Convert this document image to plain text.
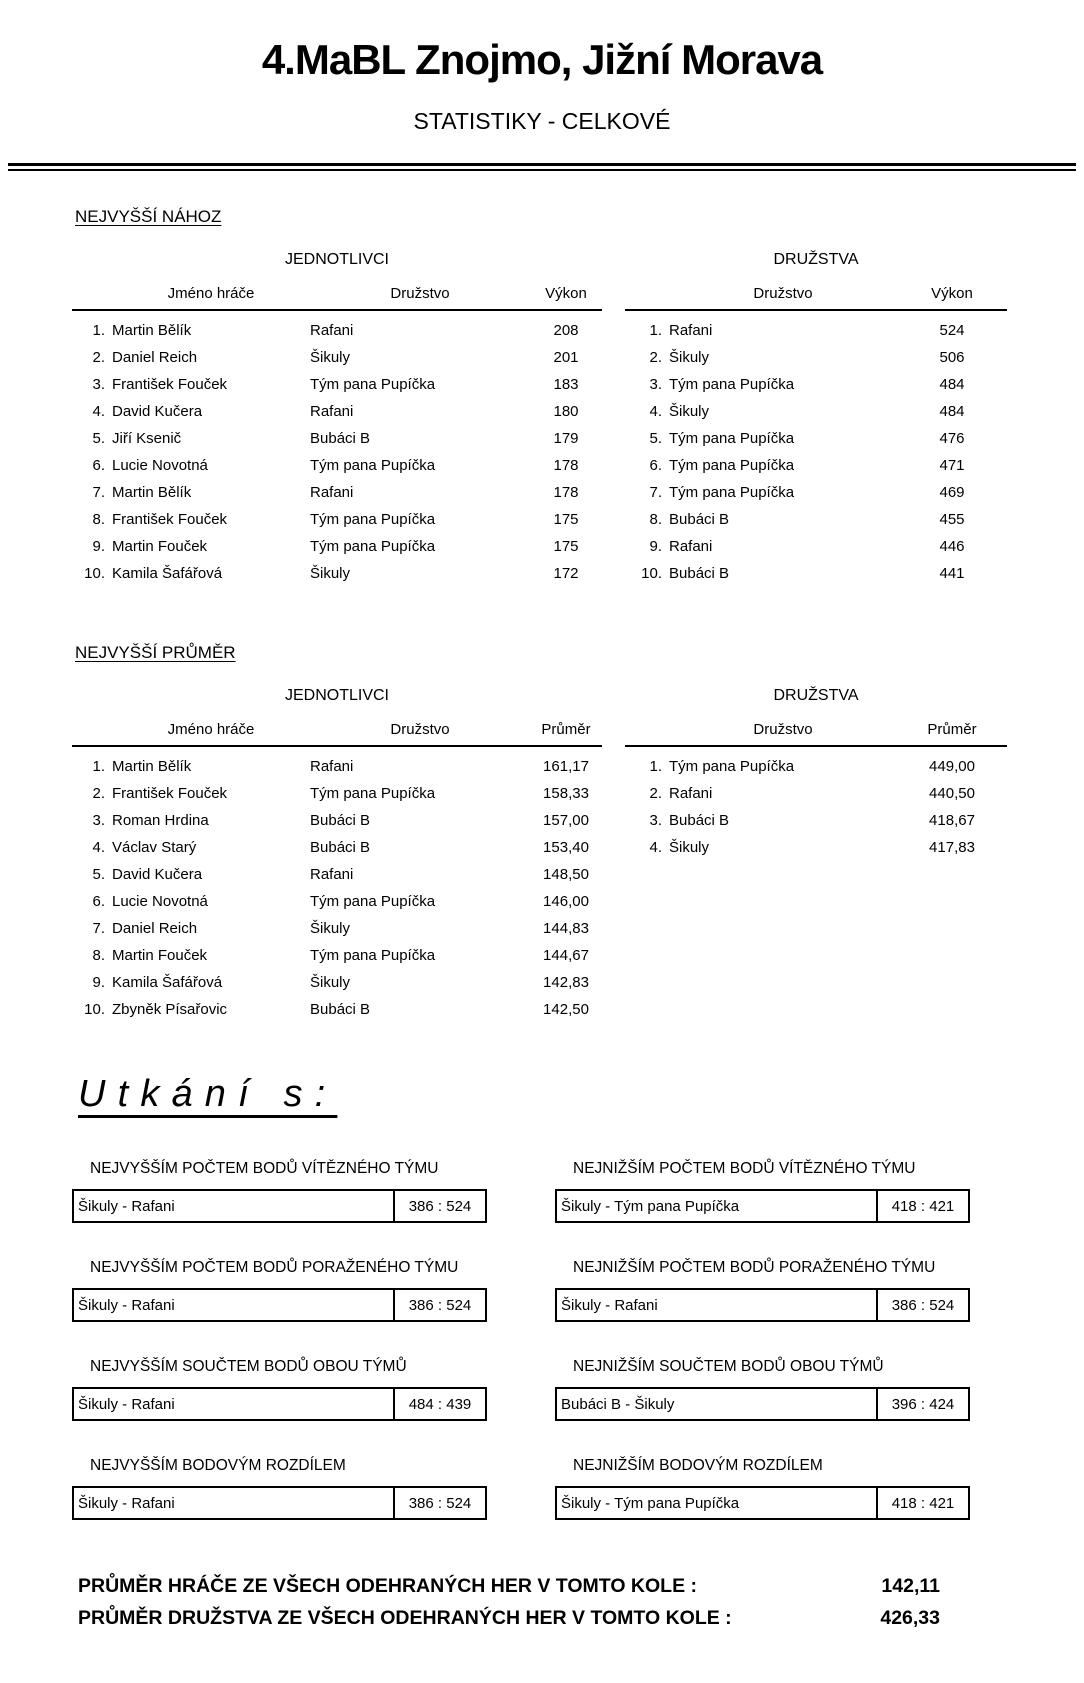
4.MaBL Znojmo, Jižní Morava
STATISTIKY - CELKOVÉ
NEJVYŠŠÍ NÁHOZ
JEDNOTLIVCI
Jméno hráče	Družstvo	Výkon
1. Martin Bělík	Rafani	208
2. Daniel Reich	Šikuly	201
3. František Fouček	Tým pana Pupíčka	183
4. David Kučera	Rafani	180
5. Jiří Ksenič	Bubáci B	179
6. Lucie Novotná	Tým pana Pupíčka	178
7. Martin Bělík	Rafani	178
8. František Fouček	Tým pana Pupíčka	175
9. Martin Fouček	Tým pana Pupíčka	175
10. Kamila Šafářová	Šikuly	172
DRUŽSTVA
Družstvo	Výkon
1. Rafani	524
2. Šikuly	506
3. Tým pana Pupíčka	484
4. Šikuly	484
5. Tým pana Pupíčka	476
6. Tým pana Pupíčka	471
7. Tým pana Pupíčka	469
8. Bubáci B	455
9. Rafani	446
10. Bubáci B	441
NEJVYŠŠÍ PRŮMĚR
JEDNOTLIVCI
Jméno hráče	Družstvo	Průměr
1. Martin Bělík	Rafani	161,17
2. František Fouček	Tým pana Pupíčka	158,33
3. Roman Hrdina	Bubáci B	157,00
4. Václav Starý	Bubáci B	153,40
5. David Kučera	Rafani	148,50
6. Lucie Novotná	Tým pana Pupíčka	146,00
7. Daniel Reich	Šikuly	144,83
8. Martin Fouček	Tým pana Pupíčka	144,67
9. Kamila Šafářová	Šikuly	142,83
10. Zbyněk Písařovic	Bubáci B	142,50
DRUŽSTVA
Družstvo	Průměr
1. Tým pana Pupíčka	449,00
2. Rafani	440,50
3. Bubáci B	418,67
4. Šikuly	417,83
Utkání s:
NEJVYŠŠÍM POČTEM BODŮ VÍTĚZNÉHO TÝMU
Šikuly - Rafani	386 : 524
NEJNIŽŠÍM POČTEM BODŮ VÍTĚZNÉHO TÝMU
Šikuly - Tým pana Pupíčka	418 : 421
NEJVYŠŠÍM POČTEM BODŮ PORAŽENÉHO TÝMU
Šikuly - Rafani	386 : 524
NEJNIŽŠÍM POČTEM BODŮ PORAŽENÉHO TÝMU
Šikuly - Rafani	386 : 524
NEJVYŠŠÍM SOUČTEM BODŮ OBOU TÝMŮ
Šikuly - Rafani	484 : 439
NEJNIŽŠÍM SOUČTEM BODŮ OBOU TÝMŮ
Bubáci B - Šikuly	396 : 424
NEJVYŠŠÍM BODOVÝM ROZDÍLEM
Šikuly - Rafani	386 : 524
NEJNIŽŠÍM BODOVÝM ROZDÍLEM
Šikuly - Tým pana Pupíčka	418 : 421
PRŮMĚR HRÁČE ZE VŠECH ODEHRANÝCH HER V TOMTO KOLE :	142,11
PRŮMĚR DRUŽSTVA ZE VŠECH ODEHRANÝCH HER V TOMTO KOLE :	426,33
